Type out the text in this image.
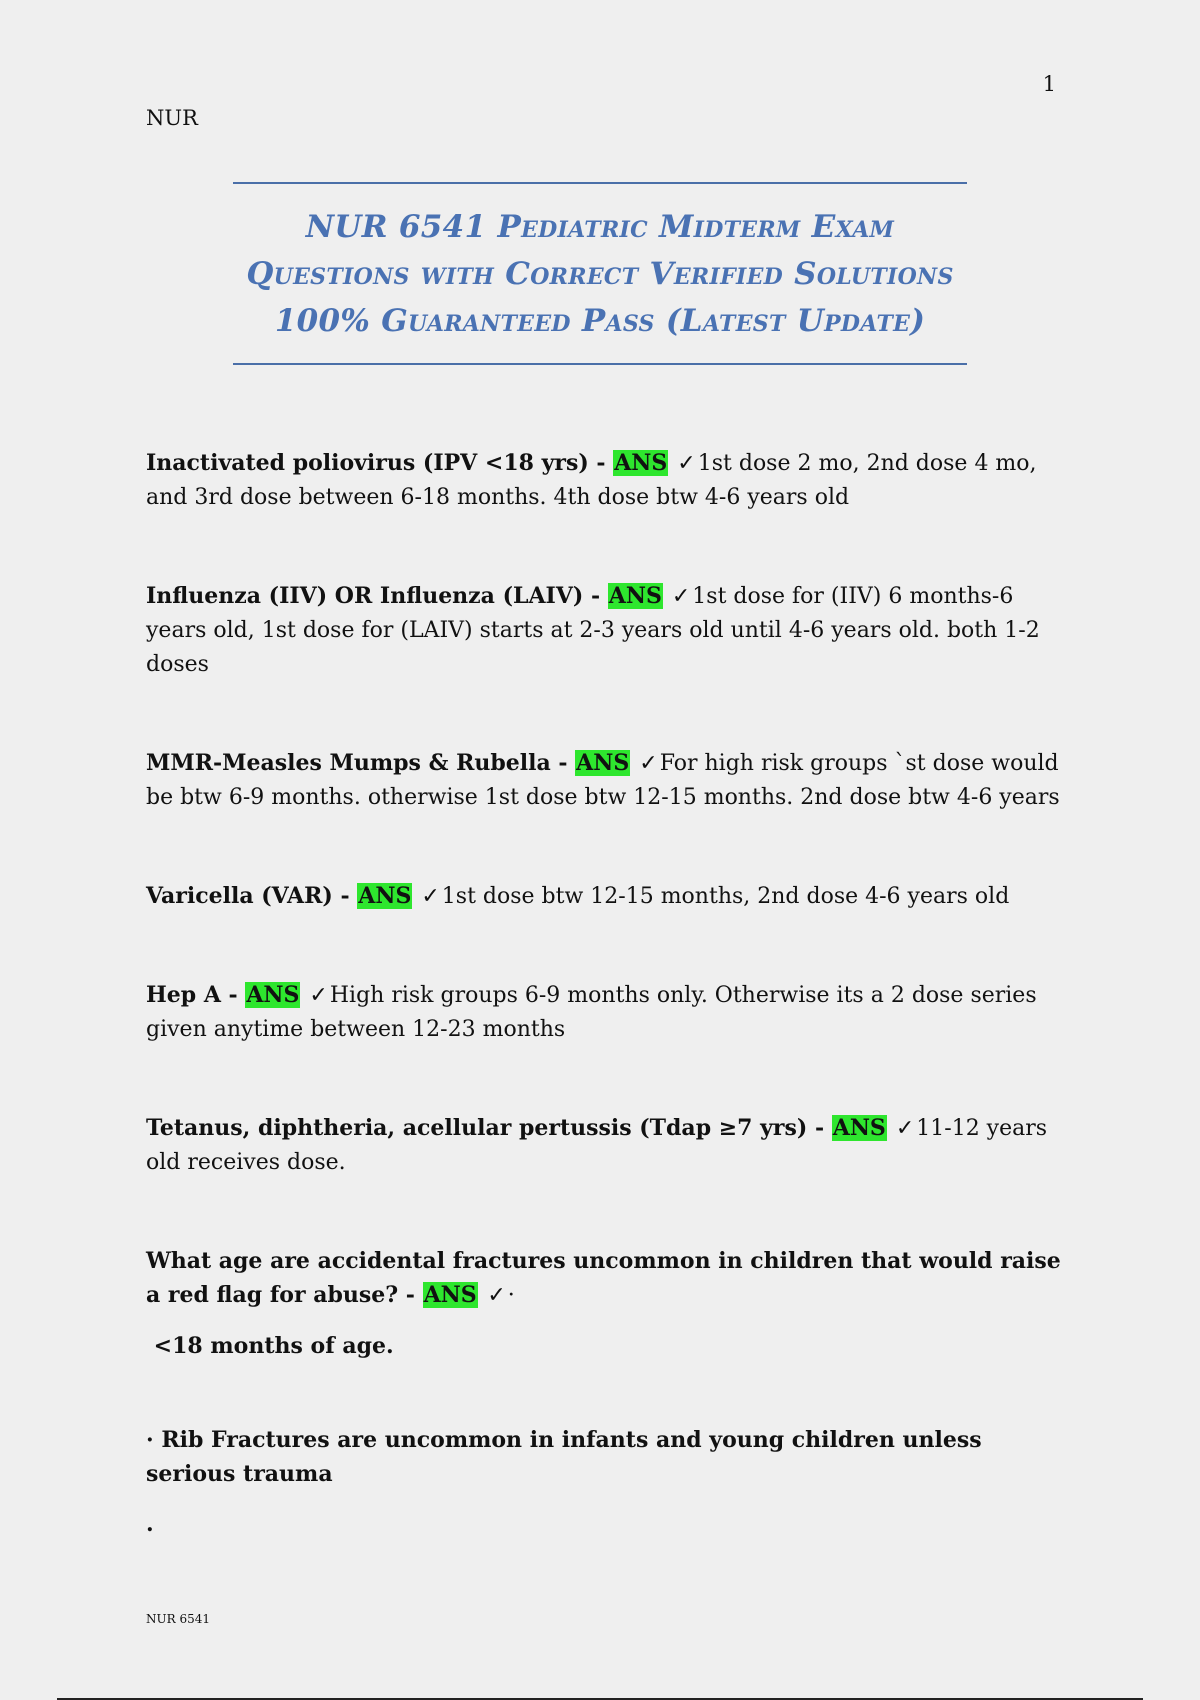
1
NUR
NUR 6541 Pediatric Midterm Exam
Questions with Correct Verified Solutions
100% Guaranteed Pass (Latest Update)
Inactivated poliovirus (IPV <18 yrs) - ANS ✓1st dose 2 mo, 2nd dose 4 mo, and 3rd dose between 6-18 months. 4th dose btw 4-6 years old
Influenza (IIV) OR Influenza (LAIV) - ANS ✓1st dose for (IIV) 6 months-6 years old, 1st dose for (LAIV) starts at 2-3 years old until 4-6 years old. both 1-2 doses
MMR-Measles Mumps & Rubella - ANS ✓For high risk groups `st dose would be btw 6-9 months. otherwise 1st dose btw 12-15 months. 2nd dose btw 4-6 years
Varicella (VAR) - ANS ✓1st dose btw 12-15 months, 2nd dose 4-6 years old
Hep A - ANS ✓High risk groups 6-9 months only. Otherwise its a 2 dose series given anytime between 12-23 months
Tetanus, diphtheria, acellular pertussis (Tdap ≥7 yrs) - ANS ✓11-12 years old receives dose.
What age are accidental fractures uncommon in children that would raise a red flag for abuse? - ANS ✓·
<18 months of age.
· Rib Fractures are uncommon in infants and young children unless serious trauma
.
NUR 6541
